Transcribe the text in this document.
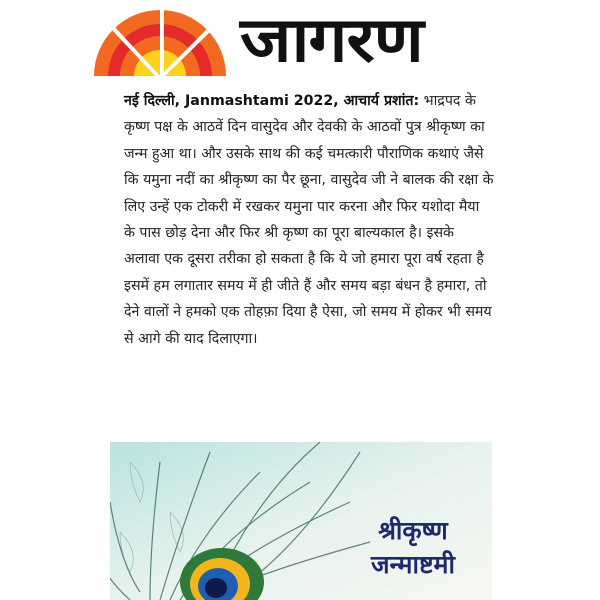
जागरण
नई दिल्ली, Janmashtami 2022, आचार्य प्रशांत: भाद्रपद के कृष्ण पक्ष के आठवें दिन वासुदेव और देवकी के आठवों पुत्र श्रीकृष्ण का जन्म हुआ था। और उसके साथ की कई चमत्कारी पौराणिक कथाएं जैसे कि यमुना नदीं का श्रीकृष्ण का पैर छूना, वासुदेव जी ने बालक की रक्षा के लिए उन्हें एक टोकरी में रखकर यमुना पार करना और फिर यशोदा मैया के पास छोड़ देना और फिर श्री कृष्ण का पूरा बाल्यकाल है। इसके अलावा एक दूसरा तरीका हो सकता है कि ये जो हमारा पूरा वर्ष रहता है इसमें हम लगातार समय में ही जीते हैं और समय बड़ा बंधन है हमारा, तो देने वालों ने हमको एक तोहफ़ा दिया है ऐसा, जो समय में होकर भी समय से आगे की याद दिलाएगा।
श्रीकृष्ण
जन्माष्टमी
